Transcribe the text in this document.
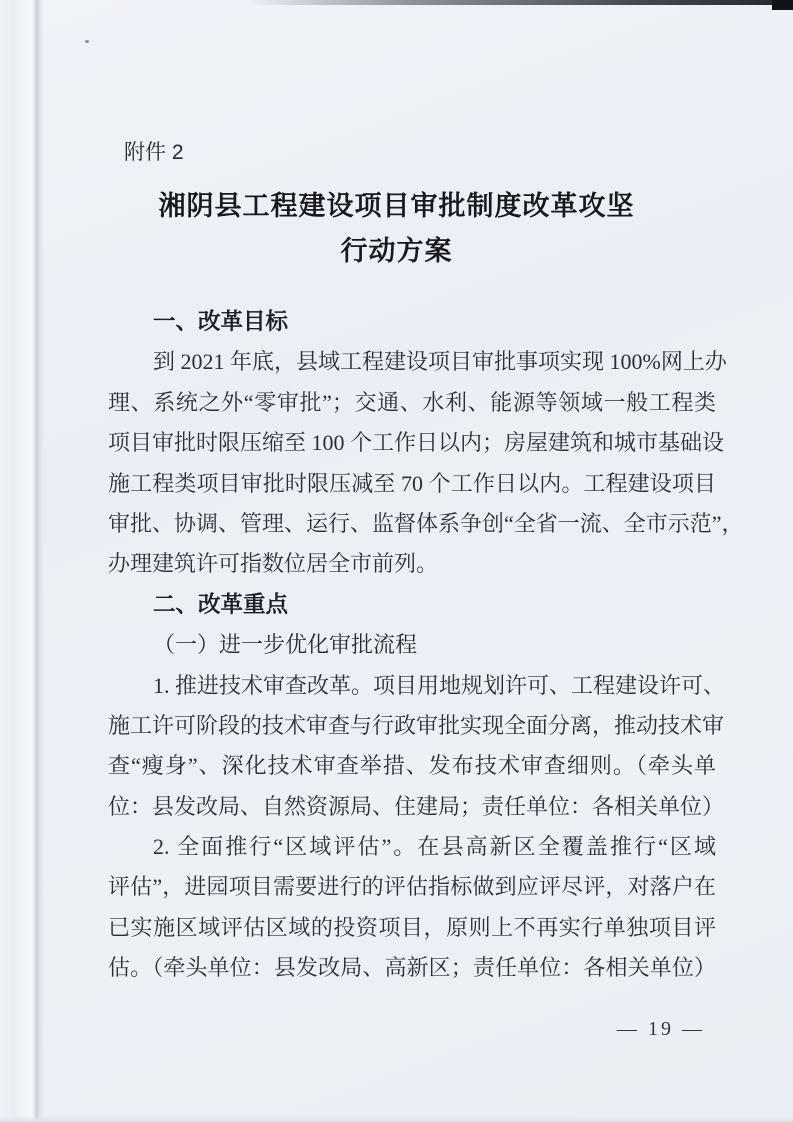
附件 2
湘阴县工程建设项目审批制度改革攻坚
行动方案
一、改革目标
到 2021 年底，县域工程建设项目审批事项实现 100%网上办
理、系统之外“零审批”；交通、水利、能源等领域一般工程类
项目审批时限压缩至 100 个工作日以内；房屋建筑和城市基础设
施工程类项目审批时限压减至 70 个工作日以内。工程建设项目
审批、协调、管理、运行、监督体系争创“全省一流、全市示范”，
办理建筑许可指数位居全市前列。
二、改革重点
（一）进一步优化审批流程
1. 推进技术审查改革。项目用地规划许可、工程建设许可、
施工许可阶段的技术审查与行政审批实现全面分离，推动技术审
查“瘦身”、深化技术审查举措、发布技术审查细则。（牵头单
位：县发改局、自然资源局、住建局；责任单位：各相关单位）
2. 全面推行“区域评估”。在县高新区全覆盖推行“区域
评估”，进园项目需要进行的评估指标做到应评尽评，对落户在
已实施区域评估区域的投资项目，原则上不再实行单独项目评
估。（牵头单位：县发改局、高新区；责任单位：各相关单位）
— 19 —
